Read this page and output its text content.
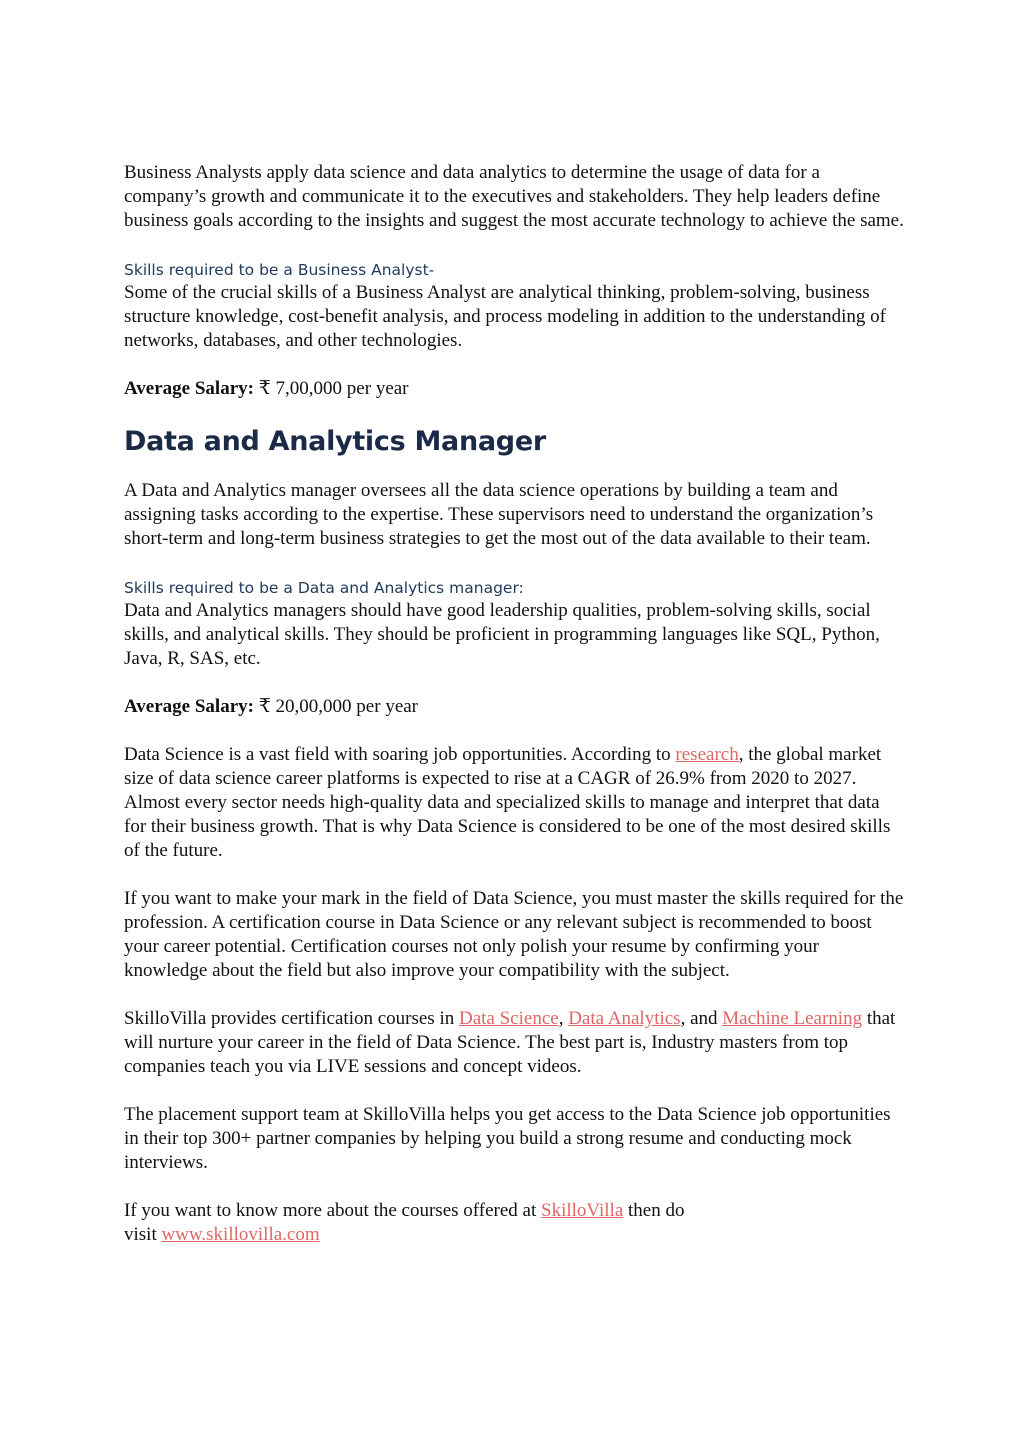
Business Analysts apply data science and data analytics to determine the usage of data for a company’s growth and communicate it to the executives and stakeholders. They help leaders define business goals according to the insights and suggest the most accurate technology to achieve the same.

Skills required to be a Business Analyst-

Some of the crucial skills of a Business Analyst are analytical thinking, problem-solving, business structure knowledge, cost-benefit analysis, and process modeling in addition to the understanding of networks, databases, and other technologies.

Average Salary: ₹ 7,00,000 per year

Data and Analytics Manager

A Data and Analytics manager oversees all the data science operations by building a team and assigning tasks according to the expertise. These supervisors need to understand the organization’s short-term and long-term business strategies to get the most out of the data available to their team.

Skills required to be a Data and Analytics manager:

Data and Analytics managers should have good leadership qualities, problem-solving skills, social skills, and analytical skills. They should be proficient in programming languages like SQL, Python, Java, R, SAS, etc.

Average Salary: ₹ 20,00,000 per year

Data Science is a vast field with soaring job opportunities. According to research, the global market size of data science career platforms is expected to rise at a CAGR of 26.9% from 2020 to 2027. Almost every sector needs high-quality data and specialized skills to manage and interpret that data for their business growth. That is why Data Science is considered to be one of the most desired skills of the future.

If you want to make your mark in the field of Data Science, you must master the skills required for the profession. A certification course in Data Science or any relevant subject is recommended to boost your career potential. Certification courses not only polish your resume by confirming your knowledge about the field but also improve your compatibility with the subject.

SkilloVilla provides certification courses in Data Science, Data Analytics, and Machine Learning that will nurture your career in the field of Data Science. The best part is, Industry masters from top companies teach you via LIVE sessions and concept videos.

The placement support team at SkilloVilla helps you get access to the Data Science job opportunities in their top 300+ partner companies by helping you build a strong resume and conducting mock interviews.

If you want to know more about the courses offered at SkilloVilla then do
visit www.skillovilla.com
